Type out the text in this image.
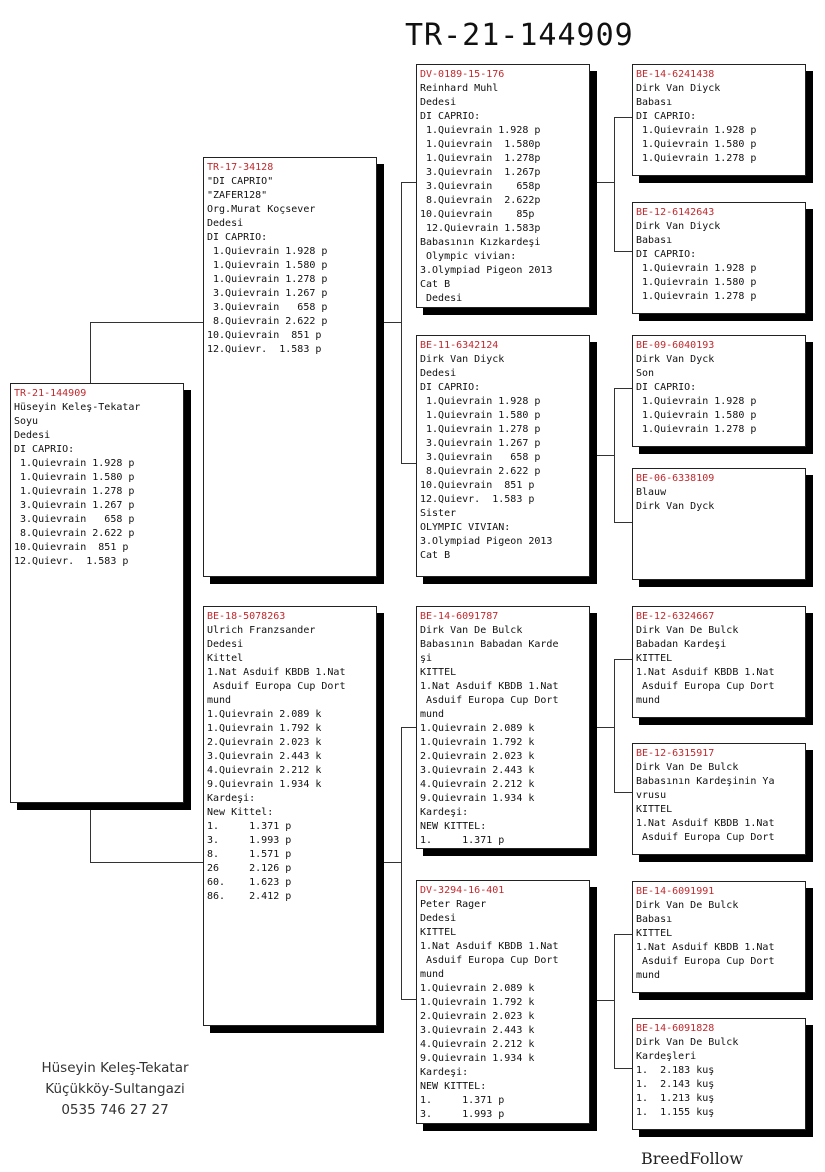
TR-21-144909
TR-21-144909
Hüseyin Keleş-Tekatar
Soyu
Dedesi
DI CAPRIO:
1.Quievrain 1.928 p
1.Quievrain 1.580 p
1.Quievrain 1.278 p
3.Quievrain 1.267 p
3.Quievrain   658 p
8.Quievrain 2.622 p
10.Quievrain  851 p
12.Quievr.  1.583 p
TR-17-34128
"DI CAPRIO"
"ZAFER128"
Org.Murat Koçsever
Dedesi
DI CAPRIO:
1.Quievrain 1.928 p
1.Quievrain 1.580 p
1.Quievrain 1.278 p
3.Quievrain 1.267 p
3.Quievrain   658 p
8.Quievrain 2.622 p
10.Quievrain  851 p
12.Quievr.  1.583 p
BE-18-5078263
Ulrich Franzsander
Dedesi
Kittel
1.Nat Asduif KBDB 1.Nat
Asduif Europa Cup Dort
mund
1.Quievrain 2.089 k
1.Quievrain 1.792 k
2.Quievrain 2.023 k
3.Quievrain 2.443 k
4.Quievrain 2.212 k
9.Quievrain 1.934 k
Kardeşi:
New Kittel:
1.     1.371 p
3.     1.993 p
8.     1.571 p
26     2.126 p
60.    1.623 p
86.    2.412 p
DV-0189-15-176
Reinhard Muhl
Dedesi
DI CAPRIO:
1.Quievrain 1.928 p
1.Quievrain  1.580p
1.Quievrain  1.278p
3.Quievrain  1.267p
3.Quievrain    658p
8.Quievrain  2.622p
10.Quievrain    85p
12.Quievrain 1.583p
Babasının Kızkardeşi
Olympic vivian:
3.Olympiad Pigeon 2013
Cat B
Dedesi
BE-11-6342124
Dirk Van Diyck
Dedesi
DI CAPRIO:
1.Quievrain 1.928 p
1.Quievrain 1.580 p
1.Quievrain 1.278 p
3.Quievrain 1.267 p
3.Quievrain   658 p
8.Quievrain 2.622 p
10.Quievrain  851 p
12.Quievr.  1.583 p
Sister
OLYMPIC VIVIAN:
3.Olympiad Pigeon 2013
Cat B
BE-14-6091787
Dirk Van De Bulck
Babasının Babadan Karde
şi
KITTEL
1.Nat Asduif KBDB 1.Nat
Asduif Europa Cup Dort
mund
1.Quievrain 2.089 k
1.Quievrain 1.792 k
2.Quievrain 2.023 k
3.Quievrain 2.443 k
4.Quievrain 2.212 k
9.Quievrain 1.934 k
Kardeşi:
NEW KITTEL:
1.     1.371 p
DV-3294-16-401
Peter Rager
Dedesi
KITTEL
1.Nat Asduif KBDB 1.Nat
Asduif Europa Cup Dort
mund
1.Quievrain 2.089 k
1.Quievrain 1.792 k
2.Quievrain 2.023 k
3.Quievrain 2.443 k
4.Quievrain 2.212 k
9.Quievrain 1.934 k
Kardeşi:
NEW KITTEL:
1.     1.371 p
3.     1.993 p
BE-14-6241438
Dirk Van Diyck
Babası
DI CAPRIO:
1.Quievrain 1.928 p
1.Quievrain 1.580 p
1.Quievrain 1.278 p
BE-12-6142643
Dirk Van Diyck
Babası
DI CAPRIO:
1.Quievrain 1.928 p
1.Quievrain 1.580 p
1.Quievrain 1.278 p
BE-09-6040193
Dirk Van Dyck
Son
DI CAPRIO:
1.Quievrain 1.928 p
1.Quievrain 1.580 p
1.Quievrain 1.278 p
BE-06-6338109
Blauw
Dirk Van Dyck
BE-12-6324667
Dirk Van De Bulck
Babadan Kardeşi
KITTEL
1.Nat Asduif KBDB 1.Nat
Asduif Europa Cup Dort
mund
BE-12-6315917
Dirk Van De Bulck
Babasının Kardeşinin Ya
vrusu
KITTEL
1.Nat Asduif KBDB 1.Nat
Asduif Europa Cup Dort
BE-14-6091991
Dirk Van De Bulck
Babası
KITTEL
1.Nat Asduif KBDB 1.Nat
Asduif Europa Cup Dort
mund
BE-14-6091828
Dirk Van De Bulck
Kardeşleri
1.  2.183 kuş
1.  2.143 kuş
1.  1.213 kuş
1.  1.155 kuş
Hüseyin Keleş-Tekatar
Küçükköy-Sultangazi
0535 746 27 27
BreedFollow
